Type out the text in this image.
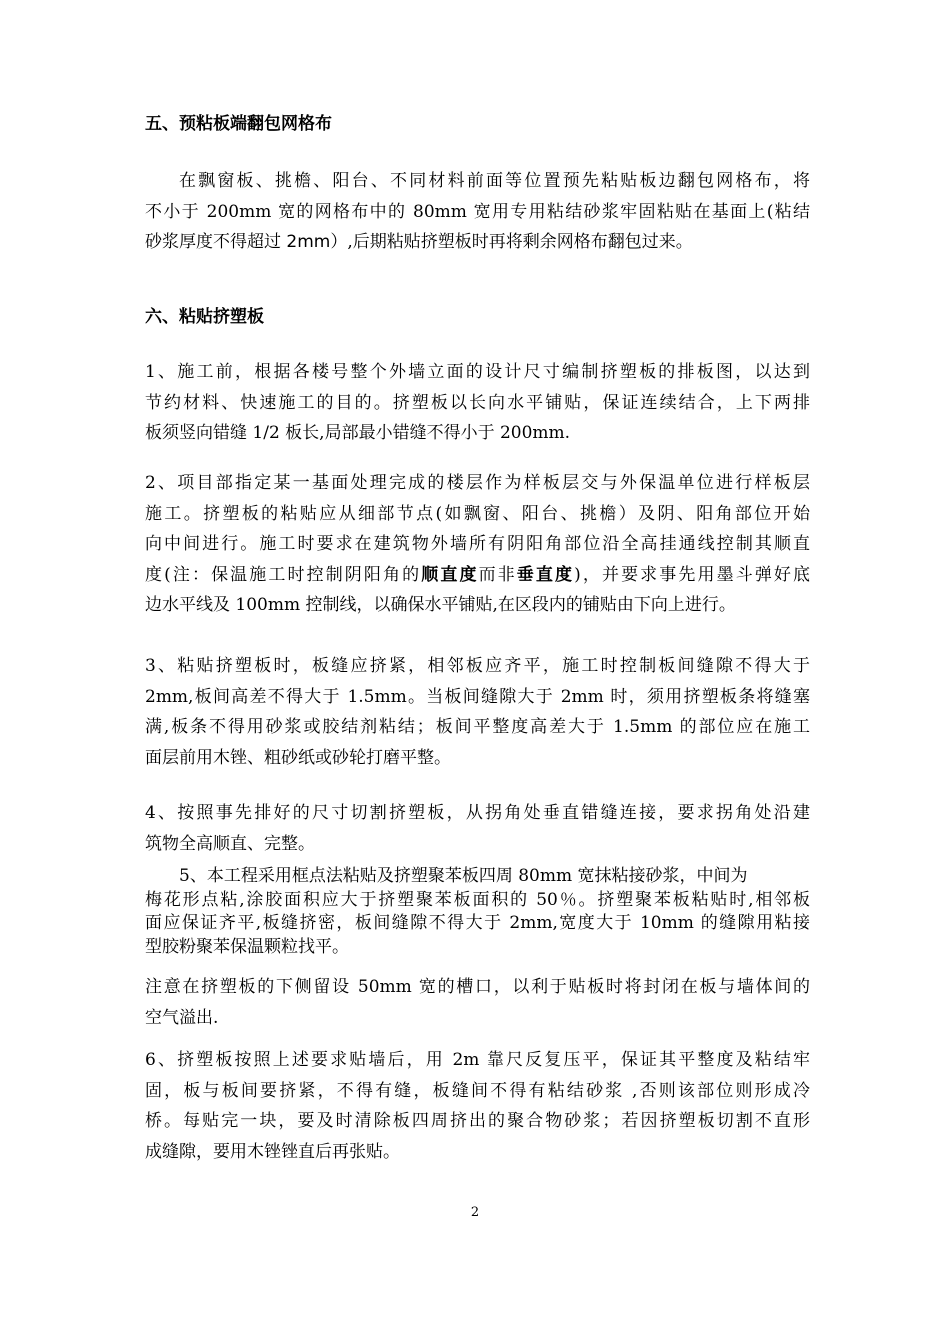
五、预粘板端翻包网格布
在飘窗板、挑檐、阳台、不同材料前面等位置预先粘贴板边翻包网格布，将
不小于 200mm 宽的网格布中的 80mm 宽用专用粘结砂浆牢固粘贴在基面上(粘结
砂浆厚度不得超过 2mm）,后期粘贴挤塑板时再将剩余网格布翻包过来。
六、粘贴挤塑板
1、施工前，根据各楼号整个外墙立面的设计尺寸编制挤塑板的排板图，以达到
节约材料、快速施工的目的。挤塑板以长向水平铺贴，保证连续结合，上下两排
板须竖向错缝 1/2 板长,局部最小错缝不得小于 200mm.
2、项目部指定某一基面处理完成的楼层作为样板层交与外保温单位进行样板层
施工。挤塑板的粘贴应从细部节点(如飘窗、阳台、挑檐）及阴、阳角部位开始
向中间进行。施工时要求在建筑物外墙所有阴阳角部位沿全高挂通线控制其顺直
度(注：保温施工时控制阴阳角的顺直度而非垂直度)，并要求事先用墨斗弹好底
边水平线及 100mm 控制线，以确保水平铺贴,在区段内的铺贴由下向上进行。
3、粘贴挤塑板时，板缝应挤紧，相邻板应齐平，施工时控制板间缝隙不得大于
2mm,板间高差不得大于 1.5mm。当板间缝隙大于 2mm 时，须用挤塑板条将缝塞
满,板条不得用砂浆或胶结剂粘结；板间平整度高差大于 1.5mm 的部位应在施工
面层前用木锉、粗砂纸或砂轮打磨平整。
4、按照事先排好的尺寸切割挤塑板，从拐角处垂直错缝连接，要求拐角处沿建
筑物全高顺直、完整。
5、本工程采用框点法粘贴及挤塑聚苯板四周 80mm 宽抹粘接砂浆，中间为
梅花形点粘,涂胶面积应大于挤塑聚苯板面积的 50％。挤塑聚苯板粘贴时,相邻板
面应保证齐平,板缝挤密，板间缝隙不得大于 2mm,宽度大于 10mm 的缝隙用粘接
型胶粉聚苯保温颗粒找平。
注意在挤塑板的下侧留设 50mm 宽的槽口，以利于贴板时将封闭在板与墙体间的
空气溢出.
6、挤塑板按照上述要求贴墙后，用 2m 靠尺反复压平，保证其平整度及粘结牢
固，板与板间要挤紧，不得有缝，板缝间不得有粘结砂浆 ,否则该部位则形成冷
桥。每贴完一块，要及时清除板四周挤出的聚合物砂浆；若因挤塑板切割不直形
成缝隙，要用木锉锉直后再张贴。
2
